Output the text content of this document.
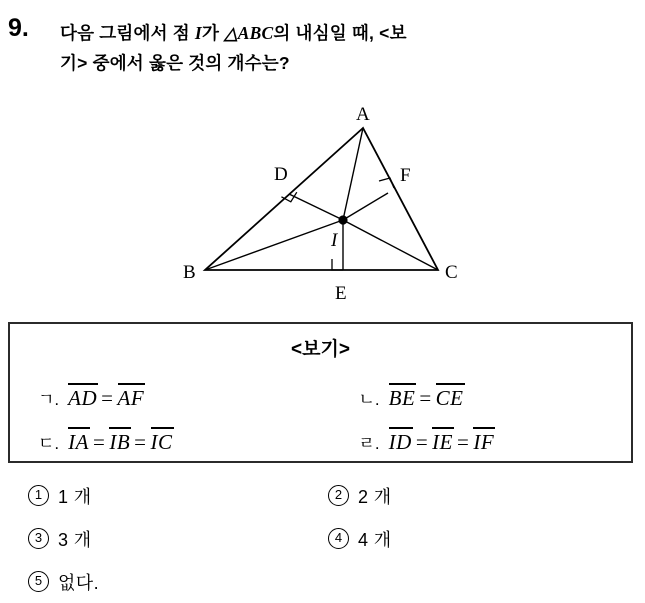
9. 다음 그림에서 점 I가 △ABC의 내심일 때, <보
기> 중에서 옳은 것의 개수는?
A
B	C
D
E
F
I
<보기>
ㄱ. AD = AF	ㄴ. BE = CE
ㄷ. IA = IB = IC	ㄹ. ID = IE = IF
1 1 개	2 2 개
3 3 개	4 4 개
5 없다.
